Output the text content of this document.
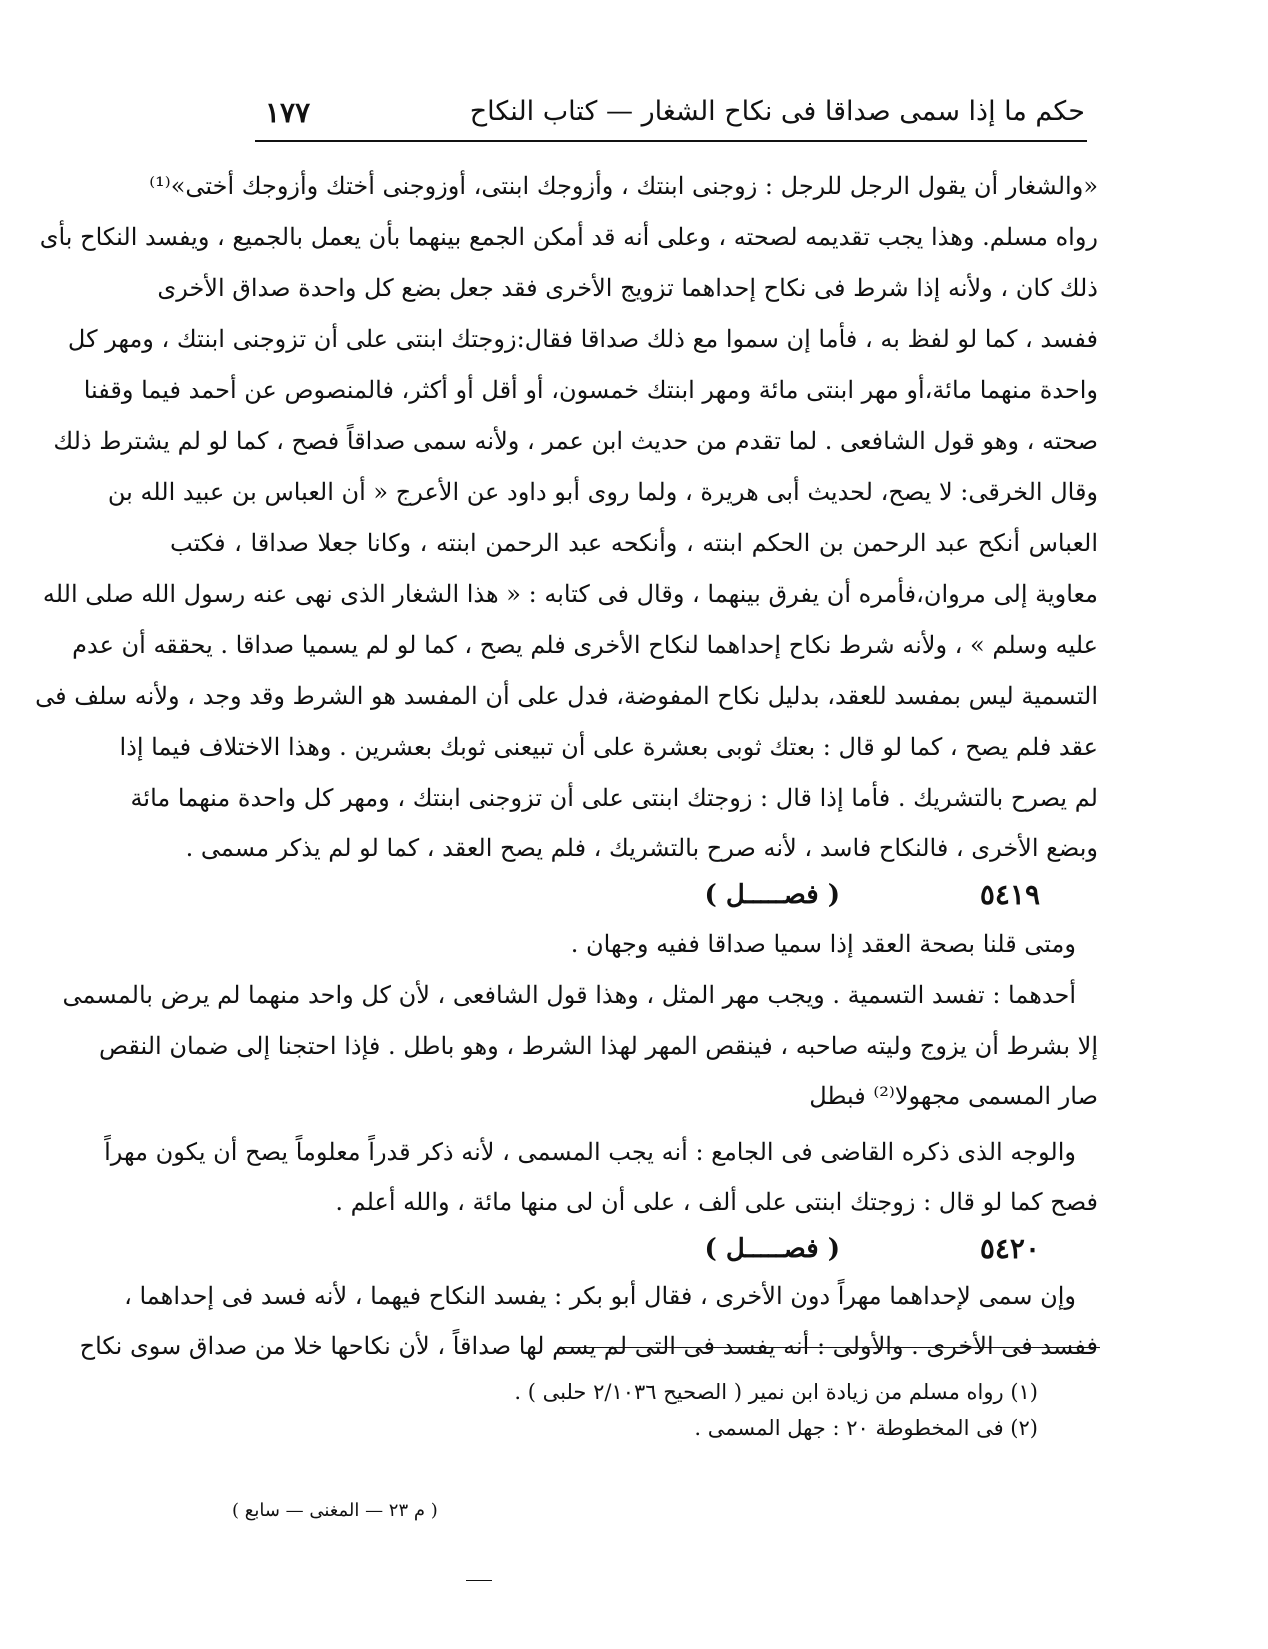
حكم ما إذا سمى صداقا فى نكاح الشغار — كتاب النكاح
١٧٧
«والشغار أن يقول الرجل للرجل : زوجنى ابنتك ، وأزوجك ابنتى، أوزوجنى أختك وأزوجك أختى»⁽¹⁾
رواه مسلم. وهذا يجب تقديمه لصحته ، وعلى أنه قد أمكن الجمع بينهما بأن يعمل بالجميع ، ويفسد النكاح بأى
ذلك كان ، ولأنه إذا شرط فى نكاح إحداهما تزويج الأخرى فقد جعل بضع كل واحدة صداق الأخرى
ففسد ، كما لو لفظ به ، فأما إن سموا مع ذلك صداقا فقال:زوجتك ابنتى على أن تزوجنى ابنتك ، ومهر كل
واحدة منهما مائة،أو مهر ابنتى مائة ومهر ابنتك خمسون، أو أقل أو أكثر، فالمنصوص عن أحمد فيما وقفنا
صحته ، وهو قول الشافعى . لما تقدم من حديث ابن عمر ، ولأنه سمى صداقاً فصح ، كما لو لم يشترط ذلك
وقال الخرقى: لا يصح، لحديث أبى هريرة ، ولما روى أبو داود عن الأعرج « أن العباس بن عبيد الله بن
العباس أنكح عبد الرحمن بن الحكم ابنته ، وأنكحه عبد الرحمن ابنته ، وكانا جعلا صداقا ، فكتب
معاوية إلى مروان،فأمره أن يفرق بينهما ، وقال فى كتابه : « هذا الشغار الذى نهى عنه رسول الله صلى الله
عليه وسلم » ، ولأنه شرط نكاح إحداهما لنكاح الأخرى فلم يصح ، كما لو لم يسميا صداقا . يحققه أن عدم
التسمية ليس بمفسد للعقد، بدليل نكاح المفوضة، فدل على أن المفسد هو الشرط وقد وجد ، ولأنه سلف فى
عقد فلم يصح ، كما لو قال : بعتك ثوبى بعشرة على أن تبيعنى ثوبك بعشرين . وهذا الاختلاف فيما إذا
لم يصرح بالتشريك . فأما إذا قال : زوجتك ابنتى على أن تزوجنى ابنتك ، ومهر كل واحدة منهما مائة
وبضع الأخرى ، فالنكاح فاسد ، لأنه صرح بالتشريك ، فلم يصح العقد ، كما لو لم يذكر مسمى .
٥٤١٩
( فصـــــل )
ومتى قلنا بصحة العقد إذا سميا صداقا ففيه وجهان .
أحدهما : تفسد التسمية . ويجب مهر المثل ، وهذا قول الشافعى ، لأن كل واحد منهما لم يرض بالمسمى
إلا بشرط أن يزوج وليته صاحبه ، فينقص المهر لهذا الشرط ، وهو باطل . فإذا احتجنا إلى ضمان النقص
صار المسمى مجهولا⁽²⁾ فبطل
والوجه الذى ذكره القاضى فى الجامع : أنه يجب المسمى ، لأنه ذكر قدراً معلوماً يصح أن يكون مهراً
فصح كما لو قال : زوجتك ابنتى على ألف ، على أن لى منها مائة ، والله أعلم .
٥٤٢٠
( فصـــــل )
وإن سمى لإحداهما مهراً دون الأخرى ، فقال أبو بكر : يفسد النكاح فيهما ، لأنه فسد فى إحداهما ،
ففسد فى الأخرى . والأولى : أنه يفسد فى التى لم يسم لها صداقاً ، لأن نكاحها خلا من صداق سوى نكاح
(١) رواه مسلم من زيادة ابن نمير ( الصحيح ٢/١٠٣٦ حلبى ) .
(٢) فى المخطوطة ٢٠ : جهل المسمى .
( م ٢٣ — المغنى — سابع )
